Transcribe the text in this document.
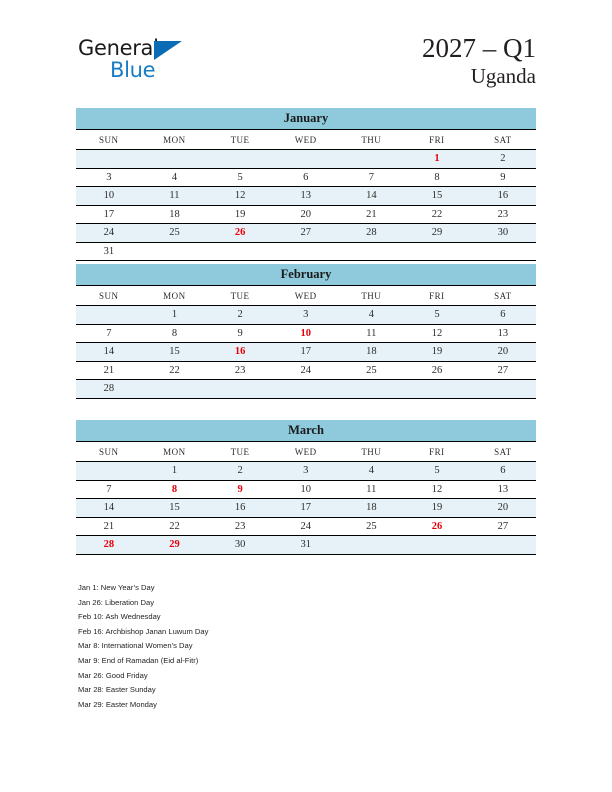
General
Blue
2027 – Q1
Uganda
January						
SUN	MON	TUE	WED	THU	FRI	SAT
					1	2
3	4	5	6	7	8	9
10	11	12	13	14	15	16
17	18	19	20	21	22	23
24	25	26	27	28	29	30
31						
February						
SUN	MON	TUE	WED	THU	FRI	SAT
	1	2	3	4	5	6
7	8	9	10	11	12	13
14	15	16	17	18	19	20
21	22	23	24	25	26	27
28						
March						
SUN	MON	TUE	WED	THU	FRI	SAT
	1	2	3	4	5	6
7	8	9	10	11	12	13
14	15	16	17	18	19	20
21	22	23	24	25	26	27
28	29	30	31			
Jan 1: New Year’s Day
Jan 26: Liberation Day
Feb 10: Ash Wednesday
Feb 16: Archbishop Janan Luwum Day
Mar 8: International Women’s Day
Mar 9: End of Ramadan (Eid al-Fitr)
Mar 26: Good Friday
Mar 28: Easter Sunday
Mar 29: Easter Monday
